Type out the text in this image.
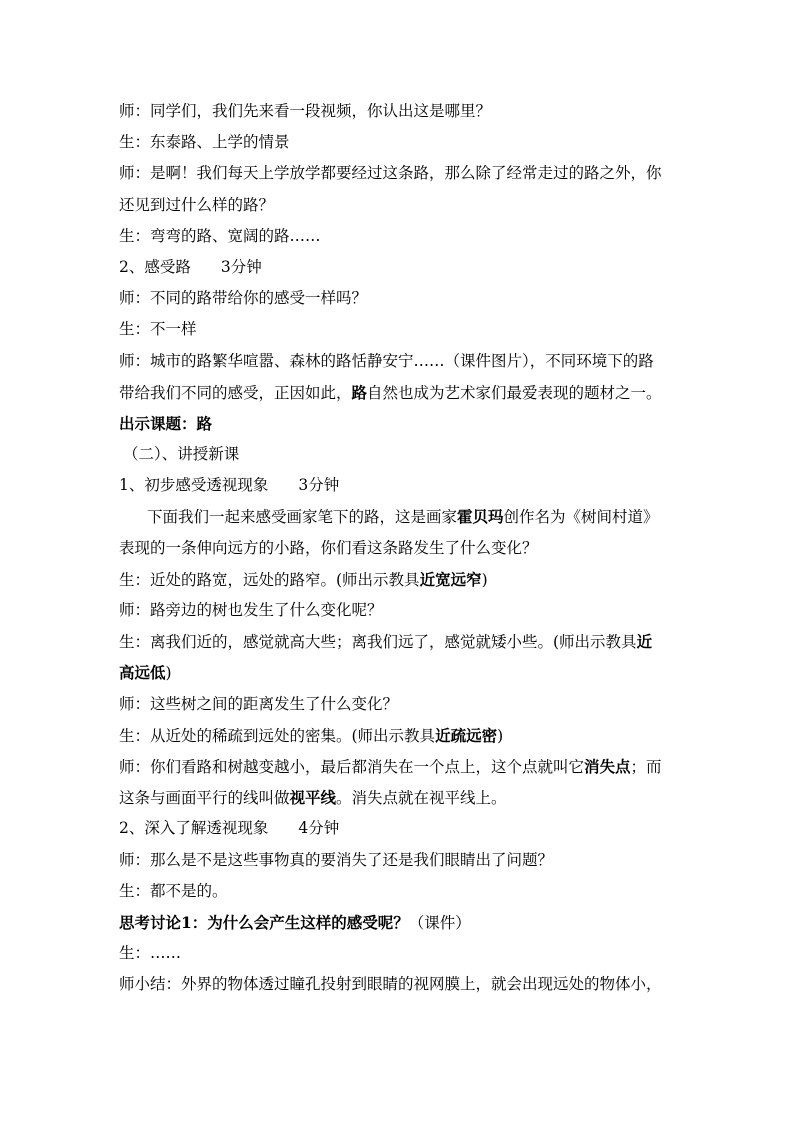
师：同学们，我们先来看一段视频，你认出这是哪里？
生：东泰路、上学的情景
师：是啊！我们每天上学放学都要经过这条路，那么除了经常走过的路之外，你
还见到过什么样的路？
生：弯弯的路、宽阔的路……
2、感受路 3分钟
师：不同的路带给你的感受一样吗？
生：不一样
师：城市的路繁华喧嚣、森林的路恬静安宁……（课件图片），不同环境下的路
带给我们不同的感受，正因如此，路自然也成为艺术家们最爱表现的题材之一。
出示课题：路
（二）、讲授新课
1、初步感受透视现象 3分钟
下面我们一起来感受画家笔下的路，这是画家霍贝玛创作名为《树间村道》
表现的一条伸向远方的小路，你们看这条路发生了什么变化？
生：近处的路宽，远处的路窄。(师出示教具近宽远窄)
师：路旁边的树也发生了什么变化呢？
生：离我们近的，感觉就高大些；离我们远了，感觉就矮小些。(师出示教具近
高远低)
师：这些树之间的距离发生了什么变化？
生：从近处的稀疏到远处的密集。(师出示教具近疏远密)
师：你们看路和树越变越小，最后都消失在一个点上，这个点就叫它消失点；而
这条与画面平行的线叫做视平线。消失点就在视平线上。
2、深入了解透视现象 4分钟
师：那么是不是这些事物真的要消失了还是我们眼睛出了问题？
生：都不是的。
思考讨论1：为什么会产生这样的感受呢？（课件）
生：……
师小结：外界的物体透过瞳孔投射到眼睛的视网膜上，就会出现远处的物体小，
